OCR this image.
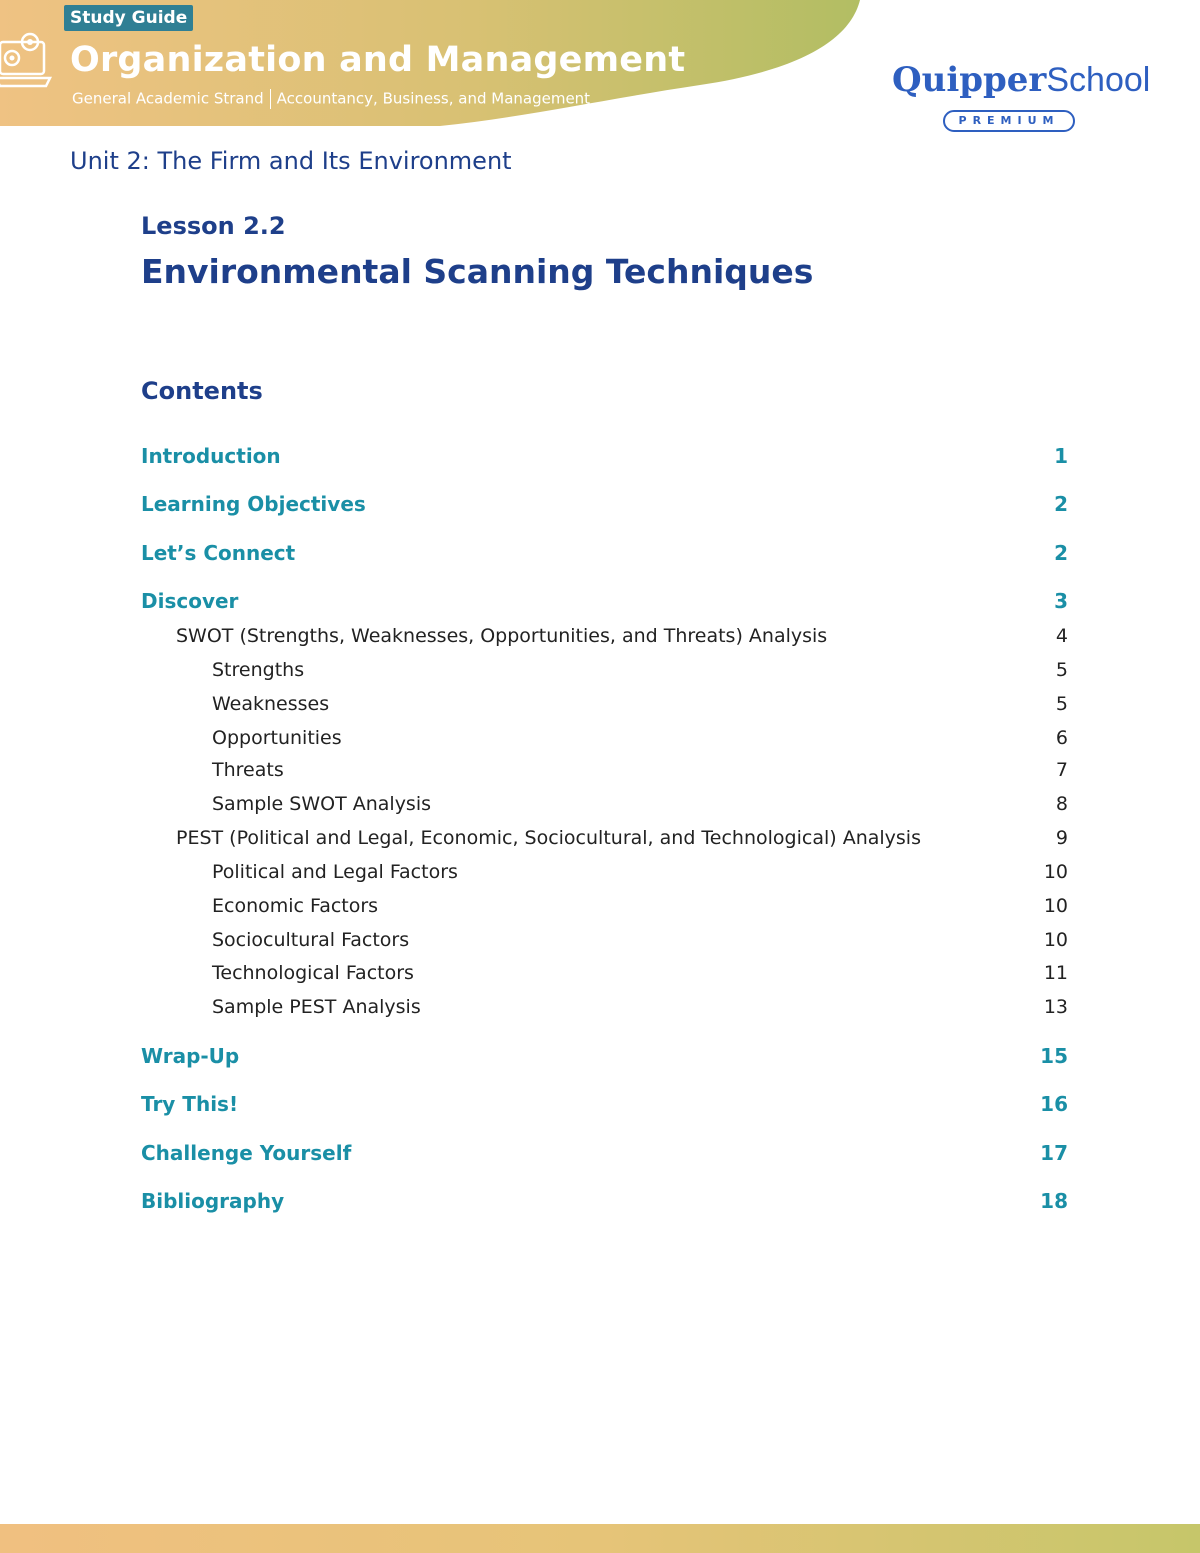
Study Guide
Organization and Management
General Academic Strand Accountancy, Business, and Management	QuipperSchool
PREMIUM
Unit 2: The Firm and Its Environment
Lesson 2.2
Environmental Scanning Techniques
Contents
Introduction	1
Learning Objectives	2
Let’s Connect	2
Discover	3
SWOT (Strengths, Weaknesses, Opportunities, and Threats) Analysis	4
Strengths	5
Weaknesses	5
Opportunities	6
Threats	7
Sample SWOT Analysis	8
PEST (Political and Legal, Economic, Sociocultural, and Technological) Analysis	9
Political and Legal Factors	10
Economic Factors	10
Sociocultural Factors	10
Technological Factors	11
Sample PEST Analysis	13
Wrap-Up	15
Try This!	16
Challenge Yourself	17
Bibliography	18
